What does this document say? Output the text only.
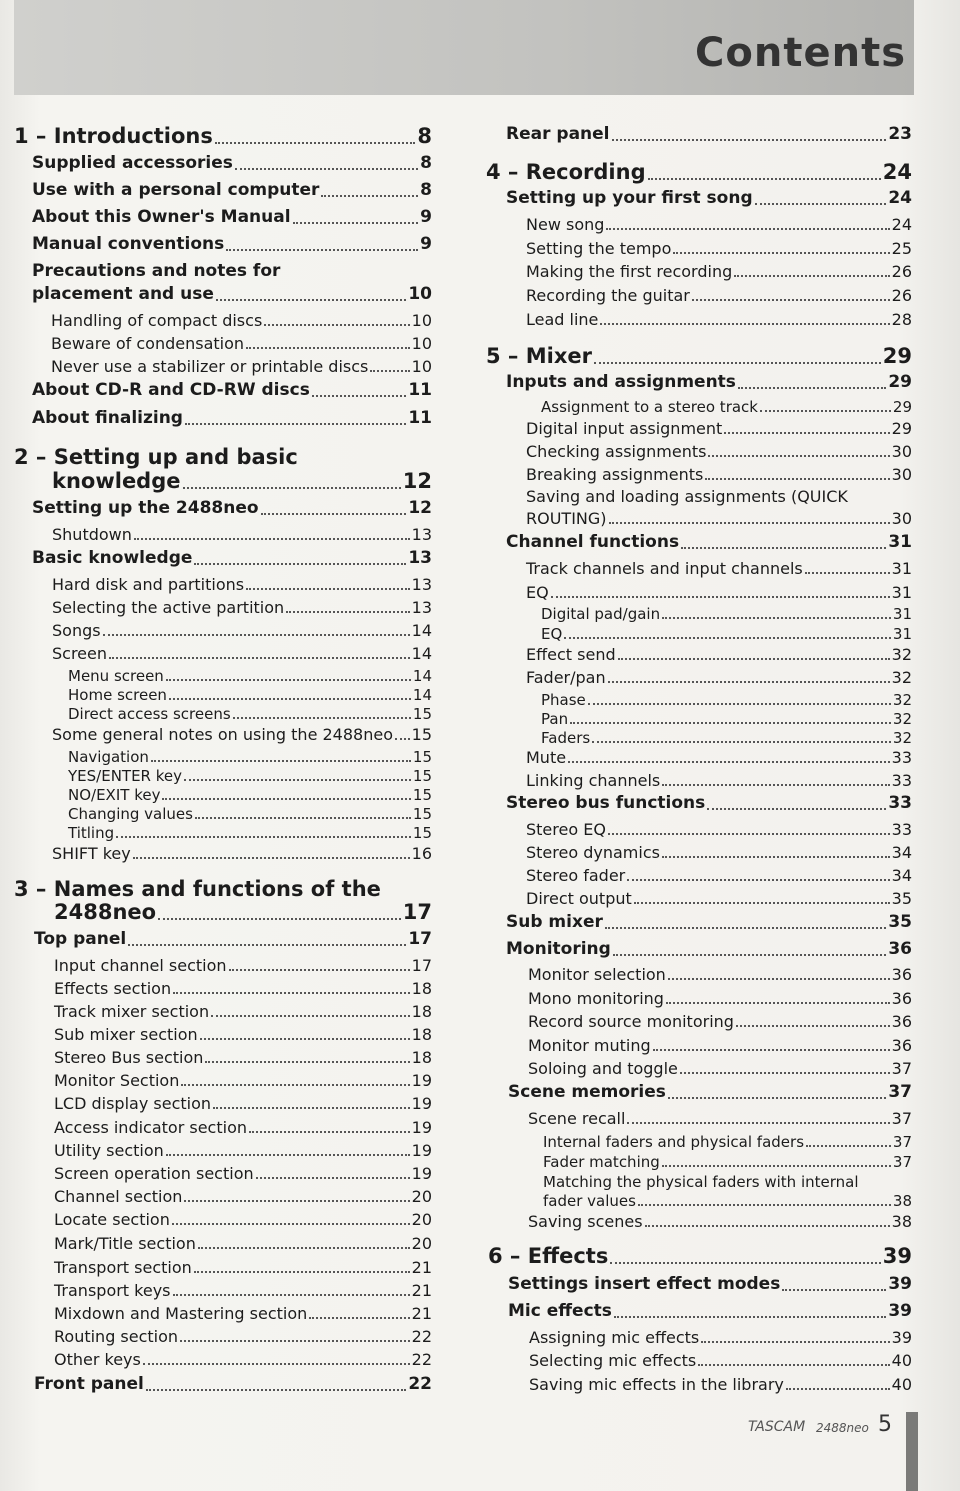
Contents
1 – Introductions	8
Supplied accessories	8
Use with a personal computer	8
About this Owner's Manual	9
Manual conventions	9
Precautions and notes for
placement and use	10
Handling of compact discs	10
Beware of condensation	10
Never use a stabilizer or printable discs	10
About CD-R and CD-RW discs	11
About finalizing	11
2 – Setting up and basic
knowledge	12
Setting up the 2488neo	12
Shutdown	13
Basic knowledge	13
Hard disk and partitions	13
Selecting the active partition	13
Songs	14
Screen	14
Menu screen	14
Home screen	14
Direct access screens	15
Some general notes on using the 2488neo 15
Navigation	15
YES/ENTER key	15
NO/EXIT key	15
Changing values	15
Titling	15
SHIFT key	16
3 – Names and functions of the
2488neo	17
Top panel	17
Input channel section	17
Effects section	18
Track mixer section	18
Sub mixer section	18
Stereo Bus section	18
Monitor Section	19
LCD display section	19
Access indicator section	19
Utility section	19
Screen operation section	19
Channel section	20
Locate section	20
Mark/Title section	20
Transport section	21
Transport keys	21
Mixdown and Mastering section	21
Routing section	22
Other keys	22
Front panel	22
Rear panel	23
4 – Recording	24
Setting up your first song	24
New song	24
Setting the tempo	25
Making the first recording	26
Recording the guitar	26
Lead line	28
5 – Mixer	29
Inputs and assignments	29
Assignment to a stereo track	29
Digital input assignment	29
Checking assignments	30
Breaking assignments	30
Saving and loading assignments (QUICK
ROUTING)	30
Channel functions	31
Track channels and input channels	31
EQ	31
Digital pad/gain	31
EQ	31
Effect send	32
Fader/pan	32
Phase	32
Pan	32
Faders	32
Mute	33
Linking channels	33
Stereo bus functions	33
Stereo EQ	33
Stereo dynamics	34
Stereo fader	34
Direct output	35
Sub mixer	35
Monitoring	36
Monitor selection	36
Mono monitoring	36
Record source monitoring	36
Monitor muting	36
Soloing and toggle	37
Scene memories	37
Scene recall	37
Internal faders and physical faders	37
Fader matching	37
Matching the physical faders with internal
fader values	38
Saving scenes	38
6 – Effects	39
Settings insert effect modes	39
Mic effects	39
Assigning mic effects	39
Selecting mic effects	40
Saving mic effects in the library	40
TASCAM 2488neo 5
